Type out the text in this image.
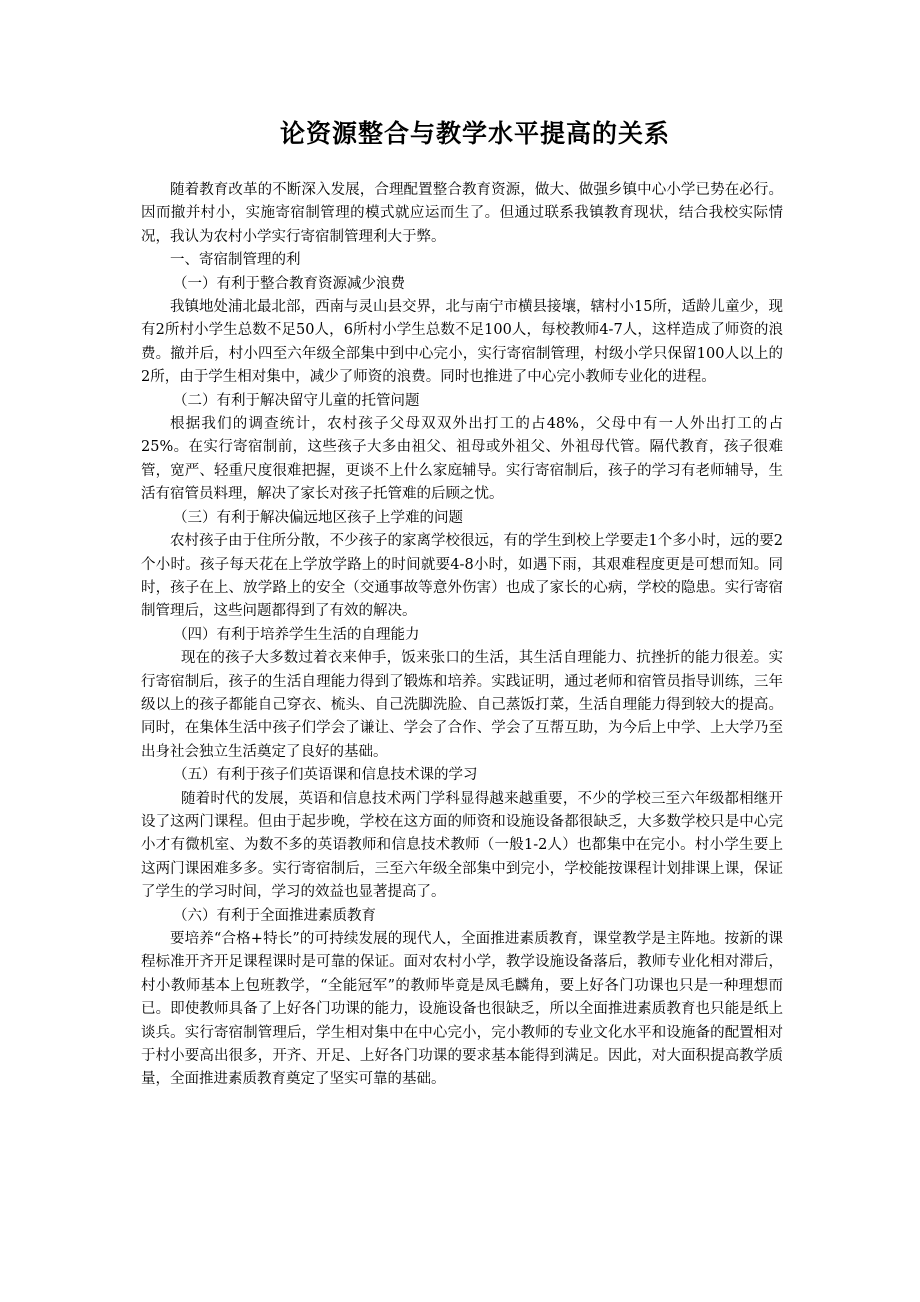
论资源整合与教学水平提高的关系

随着教育改革的不断深入发展，合理配置整合教育资源，做大、做强乡镇中心小学已势在必行。因而撤并村小，实施寄宿制管理的模式就应运而生了。但通过联系我镇教育现状，结合我校实际情况，我认为农村小学实行寄宿制管理利大于弊。

一、寄宿制管理的利

（一）有利于整合教育资源减少浪费

我镇地处浦北最北部，西南与灵山县交界，北与南宁市横县接壤，辖村小15所，适龄儿童少，现有2所村小学生总数不足50人，6所村小学生总数不足100人，每校教师4-7人，这样造成了师资的浪费。撤并后，村小四至六年级全部集中到中心完小，实行寄宿制管理，村级小学只保留100人以上的2所，由于学生相对集中，减少了师资的浪费。同时也推进了中心完小教师专业化的进程。

（二）有利于解决留守儿童的托管问题

根据我们的调查统计，农村孩子父母双双外出打工的占48%，父母中有一人外出打工的占25%。在实行寄宿制前，这些孩子大多由祖父、祖母或外祖父、外祖母代管。隔代教育，孩子很难管，宽严、轻重尺度很难把握，更谈不上什么家庭辅导。实行寄宿制后，孩子的学习有老师辅导，生活有宿管员料理，解决了家长对孩子托管难的后顾之忧。

（三）有利于解决偏远地区孩子上学难的问题

农村孩子由于住所分散，不少孩子的家离学校很远，有的学生到校上学要走1个多小时，远的要2个小时。孩子每天花在上学放学路上的时间就要4-8小时，如遇下雨，其艰难程度更是可想而知。同时，孩子在上、放学路上的安全（交通事故等意外伤害）也成了家长的心病，学校的隐患。实行寄宿制管理后，这些问题都得到了有效的解决。

（四）有利于培养学生生活的自理能力

现在的孩子大多数过着衣来伸手，饭来张口的生活，其生活自理能力、抗挫折的能力很差。实行寄宿制后，孩子的生活自理能力得到了锻炼和培养。实践证明，通过老师和宿管员指导训练，三年级以上的孩子都能自己穿衣、梳头、自己洗脚洗脸、自己蒸饭打菜，生活自理能力得到较大的提高。同时，在集体生活中孩子们学会了谦让、学会了合作、学会了互帮互助，为今后上中学、上大学乃至出身社会独立生活奠定了良好的基础。

（五）有利于孩子们英语课和信息技术课的学习

随着时代的发展，英语和信息技术两门学科显得越来越重要，不少的学校三至六年级都相继开设了这两门课程。但由于起步晚，学校在这方面的师资和设施设备都很缺乏，大多数学校只是中心完小才有微机室、为数不多的英语教师和信息技术教师（一般1-2人）也都集中在完小。村小学生要上这两门课困难多多。实行寄宿制后，三至六年级全部集中到完小，学校能按课程计划排课上课，保证了学生的学习时间，学习的效益也显著提高了。

（六）有利于全面推进素质教育

要培养“合格+特长”的可持续发展的现代人，全面推进素质教育，课堂教学是主阵地。按新的课程标准开齐开足课程课时是可靠的保证。面对农村小学，教学设施设备落后，教师专业化相对滞后，村小教师基本上包班教学，“全能冠军”的教师毕竟是凤毛麟角，要上好各门功课也只是一种理想而已。即使教师具备了上好各门功课的能力，设施设备也很缺乏，所以全面推进素质教育也只能是纸上谈兵。实行寄宿制管理后，学生相对集中在中心完小，完小教师的专业文化水平和设施备的配置相对于村小要高出很多，开齐、开足、上好各门功课的要求基本能得到满足。因此，对大面积提高教学质量，全面推进素质教育奠定了坚实可靠的基础。
